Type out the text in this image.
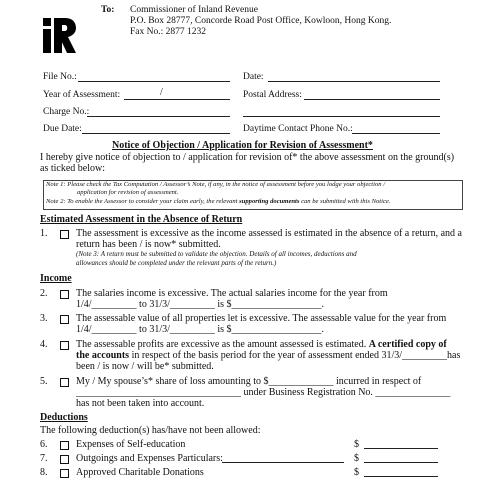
To: Commissioner of Inland Revenue
P.O. Box 28777, Concorde Road Post Office, Kowloon, Hong Kong.
Fax No.: 2877 1232
File No.:	Date:
Year of Assessment:	/	Postal Address:
Charge No.:
Due Date:	Daytime Contact Phone No.:
Notice of Objection / Application for Revision of Assessment*
I hereby give notice of objection to / application for revision of* the above assessment on the ground(s)
as ticked below:
Note 1: Please check the Tax Computation / Assessor’s Note, if any, in the notice of assessment before you lodge your objection /
application for revision of assessment.
Note 2: To enable the Assessor to consider your claim early, the relevant supporting documents can be submitted with this Notice.
Estimated Assessment in the Absence of Return
1.	The assessment is excessive as the income assessed is estimated in the absence of a return, and a
return has been / is now* submitted.
(Note 3: A return must be submitted to validate the objection. Details of all incomes, deductions and
allowances should be completed under the relevant parts of the return.)
Income
2.	The salaries income is excessive. The actual salaries income for the year from
1/4/_________ to 31/3/_________ is $__________________.
3.	The assessable value of all properties let is excessive. The assessable value for the year from
1/4/_________ to 31/3/_________ is $__________________.
4.	The assessable profits are excessive as the amount assessed is estimated. A certified copy of
the accounts in respect of the basis period for the year of assessment ended 31/3/_________has
been / is now / will be* submitted.
5.	My / My spouse’s* share of loss amounting to $_____________ incurred in respect of
_________________________________ under Business Registration No. _______________
has not been taken into account.
Deductions
The following deduction(s) has/have not been allowed:
6.	Expenses of Self-education	$
7.	Outgoings and Expenses Particulars:	$
8.	Approved Charitable Donations	$
